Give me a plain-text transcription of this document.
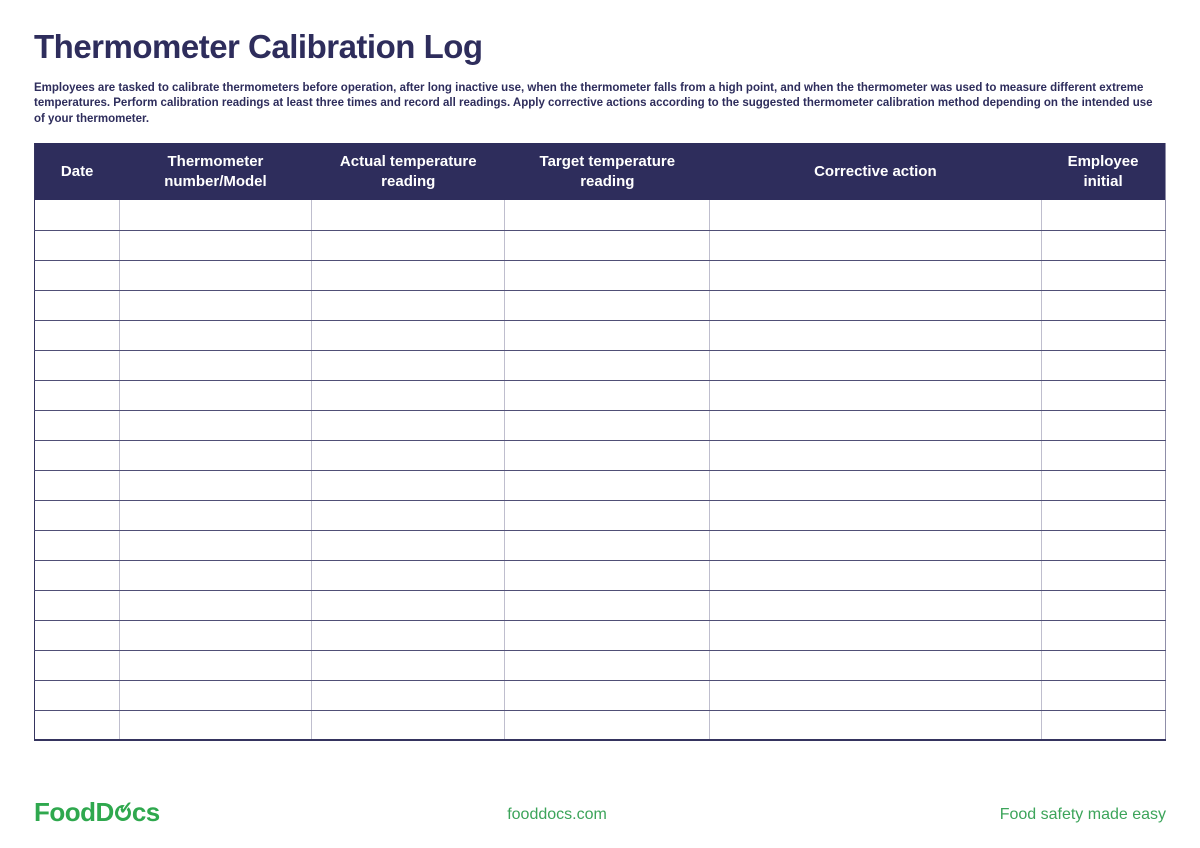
Thermometer Calibration Log

Employees are tasked to calibrate thermometers before operation, after long inactive use, when the thermometer falls from a high point, and when the thermometer was used to measure different extreme temperatures. Perform calibration readings at least three times and record all readings. Apply corrective actions according to the suggested thermometer calibration method depending on the intended use of your thermometer.

Date	Thermometer number/Model	Actual temperature reading	Target temperature reading	Corrective action	Employee initial

FoodD cs	fooddocs.com	Food safety made easy
